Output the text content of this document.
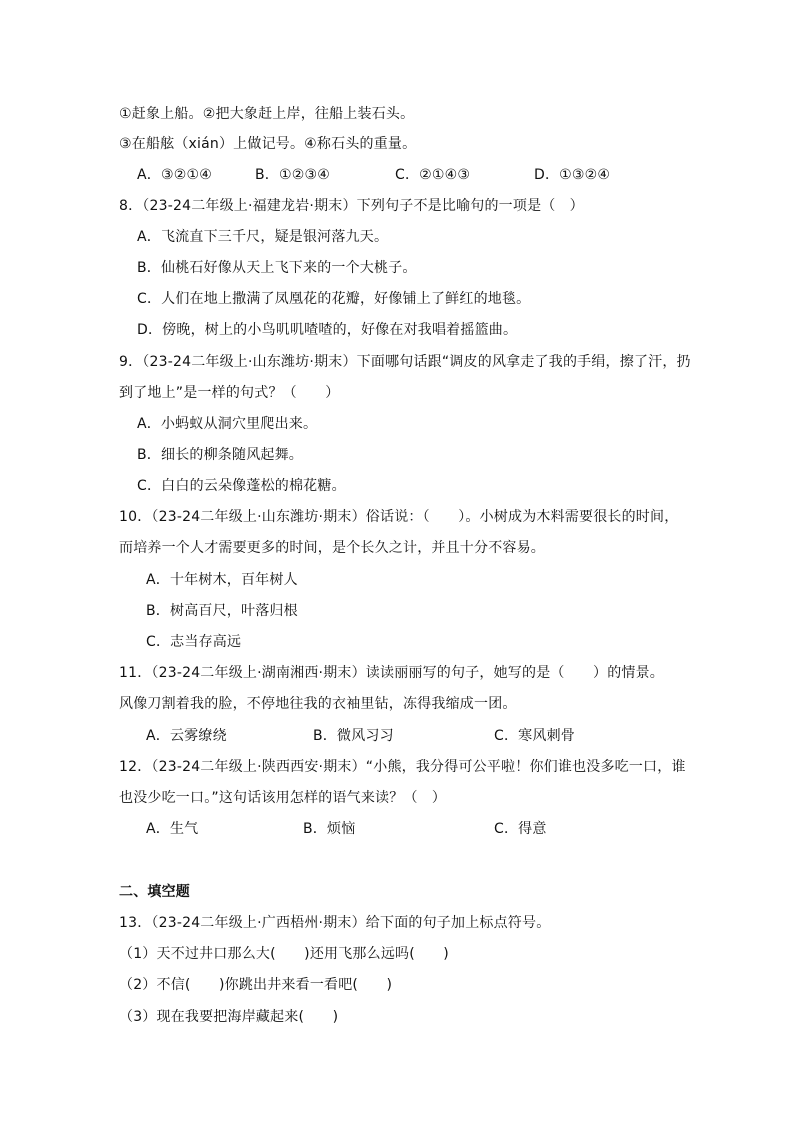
①赶象上船。②把大象赶上岸，往船上装石头。
③在船舷（xián）上做记号。④称石头的重量。
A．③②①④	B．①②③④	C．②①④③	D．①③②④
8．（23-24二年级上·福建龙岩·期末）下列句子不是比喻句的一项是（　）
A．飞流直下三千尺，疑是银河落九天。
B．仙桃石好像从天上飞下来的一个大桃子。
C．人们在地上撒满了凤凰花的花瓣，好像铺上了鲜红的地毯。
D．傍晚，树上的小鸟叽叽喳喳的，好像在对我唱着摇篮曲。
9．（23-24二年级上·山东潍坊·期末）下面哪句话跟“调皮的风拿走了我的手绢，擦了汗，扔
到了地上”是一样的句式？（　　）
A．小蚂蚁从洞穴里爬出来。
B．细长的柳条随风起舞。
C．白白的云朵像蓬松的棉花糖。
10．（23-24二年级上·山东潍坊·期末）俗话说：（　　）。小树成为木料需要很长的时间，
而培养一个人才需要更多的时间，是个长久之计，并且十分不容易。
A．十年树木，百年树人
B．树高百尺，叶落归根
C．志当存高远
11．（23-24二年级上·湖南湘西·期末）读读丽丽写的句子，她写的是（　　）的情景。
风像刀割着我的脸，不停地往我的衣袖里钻，冻得我缩成一团。
A．云雾缭绕	B．微风习习	C．寒风刺骨
12．（23-24二年级上·陕西西安·期末）“小熊，我分得可公平啦！你们谁也没多吃一口，谁
也没少吃一口。”这句话该用怎样的语气来读？（　）
A．生气	B．烦恼	C．得意
二、填空题
13．（23-24二年级上·广西梧州·期末）给下面的句子加上标点符号。
（1）天不过井口那么大(　　)还用飞那么远吗(　　)
（2）不信(　　)你跳出井来看一看吧(　　)
（3）现在我要把海岸藏起来(　　)
